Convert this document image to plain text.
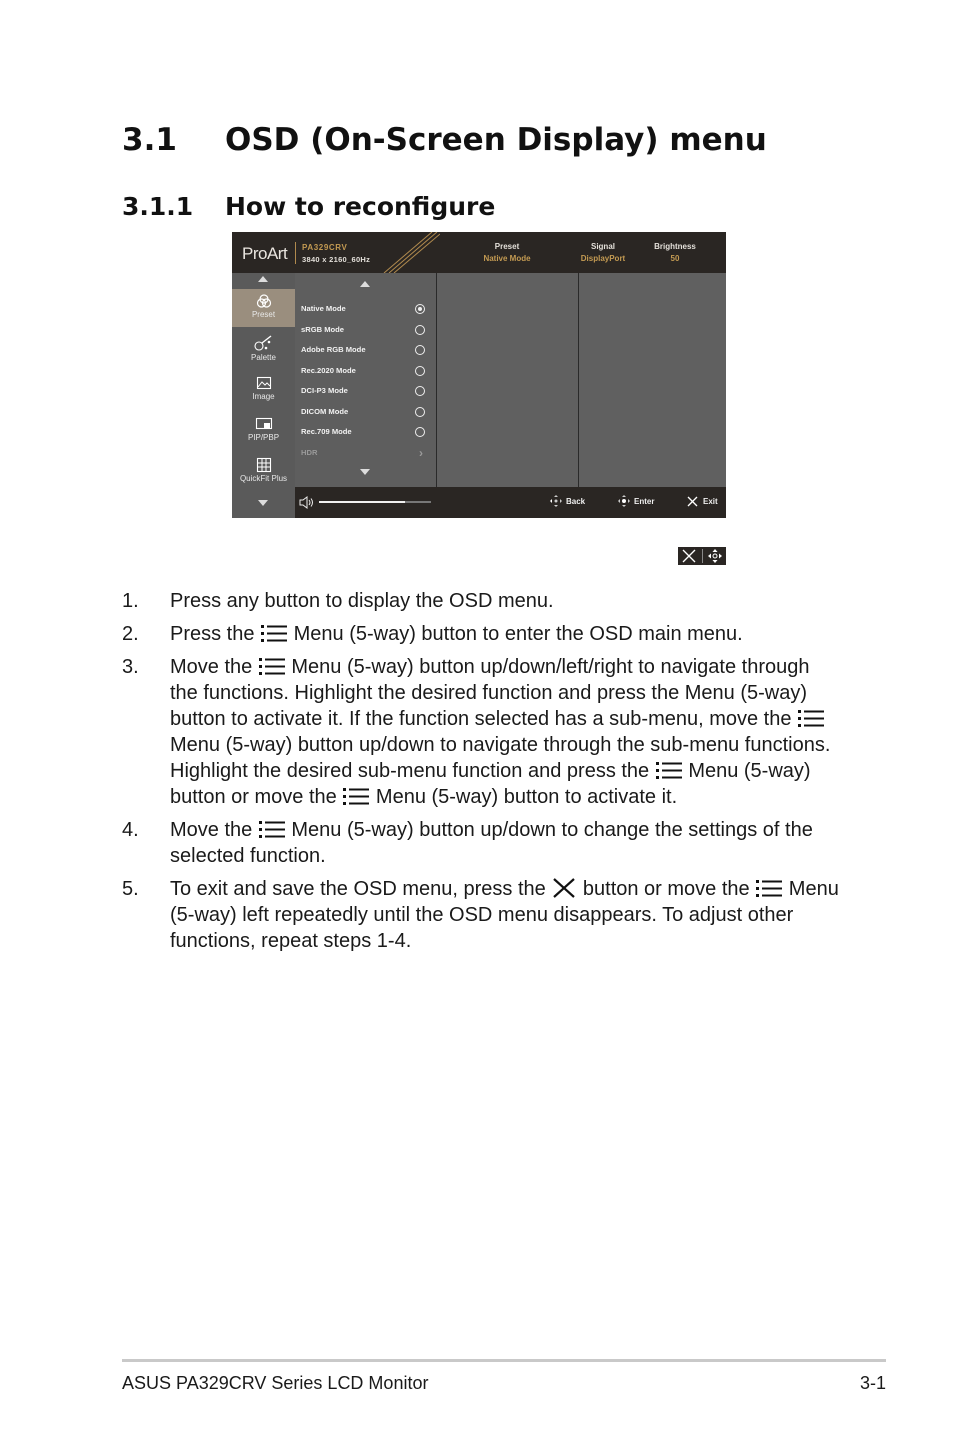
3.1 OSD (On-Screen Display) menu
3.1.1 How to reconfigure
ProArt PA329CRV
3840 x 2160_60Hz
Preset
Native Mode
Signal
DisplayPort
Brightness
50
Preset
Palette
Image
PIP/PBP
QuickFit Plus
Native Mode
sRGB Mode
Adobe RGB Mode
Rec.2020 Mode
DCI-P3 Mode
DICOM Mode
Rec.709 Mode
HDR	›
Back	Enter	Exit
1. Press any button to display the OSD menu.
2. Press the Menu (5-way) button to enter the OSD main menu.
3. Move the Menu (5-way) button up/down/left/right to navigate through the functions. Highlight the desired function and press the Menu (5-way) button to activate it. If the function selected has a sub-menu, move the  Menu (5-way) button up/down to navigate through the sub-menu functions. Highlight the desired sub-menu function and press the Menu (5-way) button or move the Menu (5-way) button to activate it.
4. Move the Menu (5-way) button up/down to change the settings of the selected function.
5. To exit and save the OSD menu, press the button or move the Menu (5-way) left repeatedly until the OSD menu disappears. To adjust other functions, repeat steps 1-4.
ASUS PA329CRV Series LCD Monitor	3-1
